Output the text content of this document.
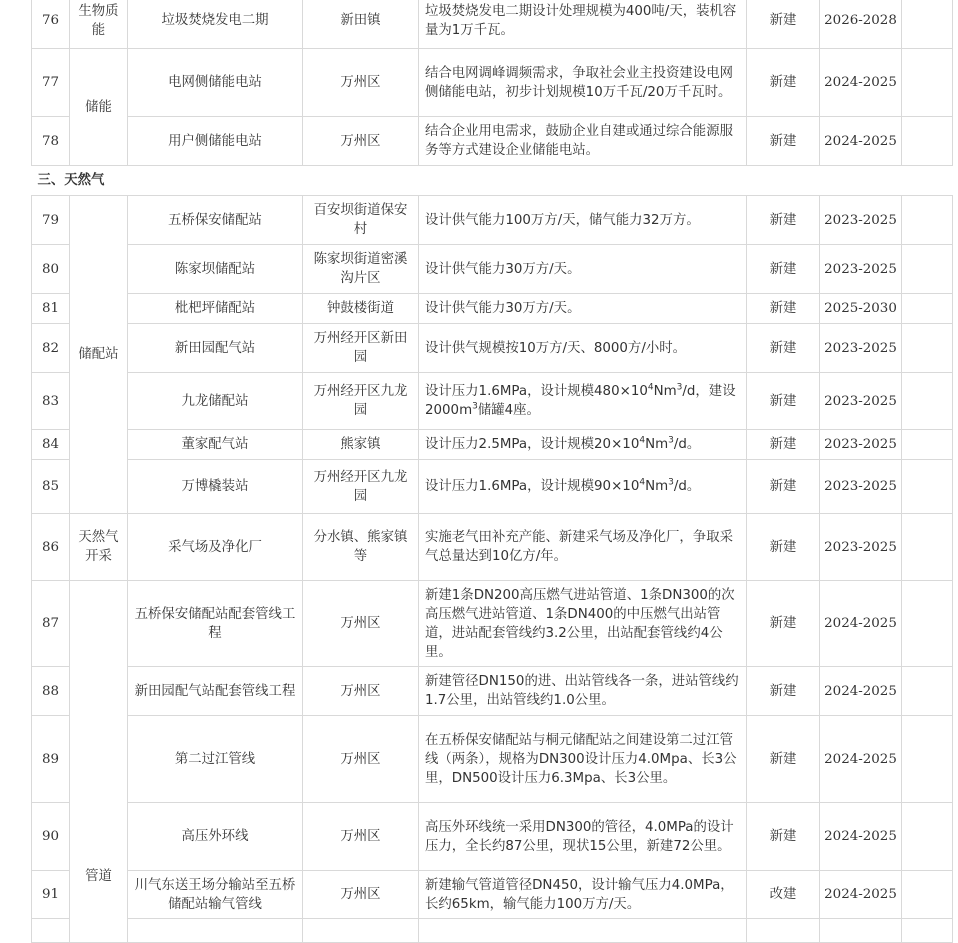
76	生物质能	垃圾焚烧发电二期	新田镇	垃圾焚烧发电二期设计处理规模为400吨/天，装机容量为1万千瓦。	新建	2026-2028		
77	储能	电网侧储能电站	万州区	结合电网调峰调频需求，争取社会业主投资建设电网侧储能电站，初步计划规模10万千瓦/20万千瓦时。	新建	2024-2025		
78		用户侧储能电站	万州区	结合企业用电需求，鼓励企业自建或通过综合能源服务等方式建设企业储能电站。	新建	2024-2025		
三、天然气								
79	储配站	五桥保安储配站	百安坝街道保安村	设计供气能力100万方/天，储气能力32万方。	新建	2023-2025		
80		陈家坝储配站	陈家坝街道密溪沟片区	设计供气能力30万方/天。	新建	2023-2025		
81		枇杷坪储配站	钟鼓楼街道	设计供气能力30万方/天。	新建	2025-2030		
82		新田园配气站	万州经开区新田园	设计供气规模按10万方/天、8000方/小时。	新建	2023-2025		
83		九龙储配站	万州经开区九龙园	设计压力1.6MPa，设计规模$480\times 10^4Nm^3/d$，建设$2000m^3$储罐4座。	新建	2023-2025		
84		董家配气站	熊家镇	设计压力2.5MPa，设计规模$20\times 10^4Nm^3/d$。	新建	2023-2025		
85		万博橇装站	万州经开区九龙园	设计压力1.6MPa，设计规模$90\times 10^4Nm^3/d$。	新建	2023-2025		
86	天然气开采	采气场及净化厂	分水镇、熊家镇等	实施老气田补充产能、新建采气场及净化厂，争取采气总量达到10亿方/年。	新建	2023-2025		
87	管道	五桥保安储配站配套管线工程	万州区	新建1条DN200高压燃气进站管道、1条DN300的次高压燃气进站管道、1条DN400的中压燃气出站管道，进站配套管线约3.2公里，出站配套管线约4公里。	新建	2024-2025		
88		新田园配气站配套管线工程	万州区	新建管径DN150的进、出站管线各一条，进站管线约1.7公里，出站管线约1.0公里。	新建	2024-2025		
89		第二过江管线	万州区	在五桥保安储配站与桐元储配站之间建设第二过江管线（两条），规格为DN300设计压力4.0Mpa、长3公里，DN500设计压力6.3Mpa、长3公里。	新建	2024-2025		
90		高压外环线	万州区	高压外环线统一采用DN300的管径，4.0MPa的设计压力，全长约87公里，现状15公里，新建72公里。	新建	2024-2025		
91		川气东送王场分输站至五桥储配站输气管线	万州区	新建输气管道管径DN450，设计输气压力4.0MPa，长约65km，输气能力100万方/天。	改建	2024-2025		
